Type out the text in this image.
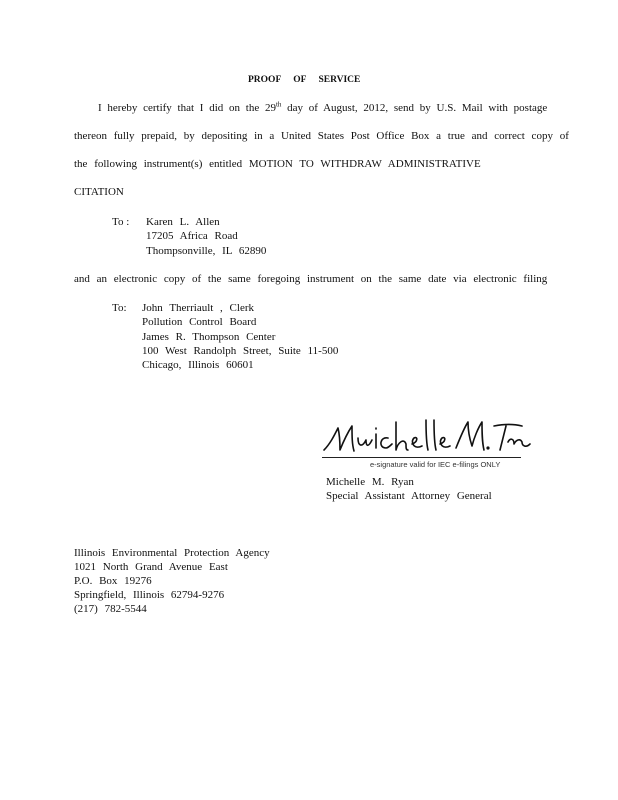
PROOF OF SERVICE
I hereby certify that I did on the 29th day of August, 2012, send by U.S. Mail with postage
thereon fully prepaid, by depositing in a United States Post Office Box a true and correct copy of
the following instrument(s) entitled MOTION TO WITHDRAW ADMINISTRATIVE
CITATION
To : Karen L. Allen
17205 Africa Road
Thompsonville, IL 62890
and an electronic copy of the same foregoing instrument on the same date via electronic filing
To: John Therriault , Clerk
Pollution Control Board
James R. Thompson Center
100 West Randolph Street, Suite 11-500
Chicago, Illinois 60601
e-signature valid for IEC e-filings ONLY
Michelle M. Ryan
Special Assistant Attorney General
Illinois Environmental Protection Agency
1021 North Grand Avenue East
P.O. Box 19276
Springfield, Illinois 62794-9276
(217) 782-5544
